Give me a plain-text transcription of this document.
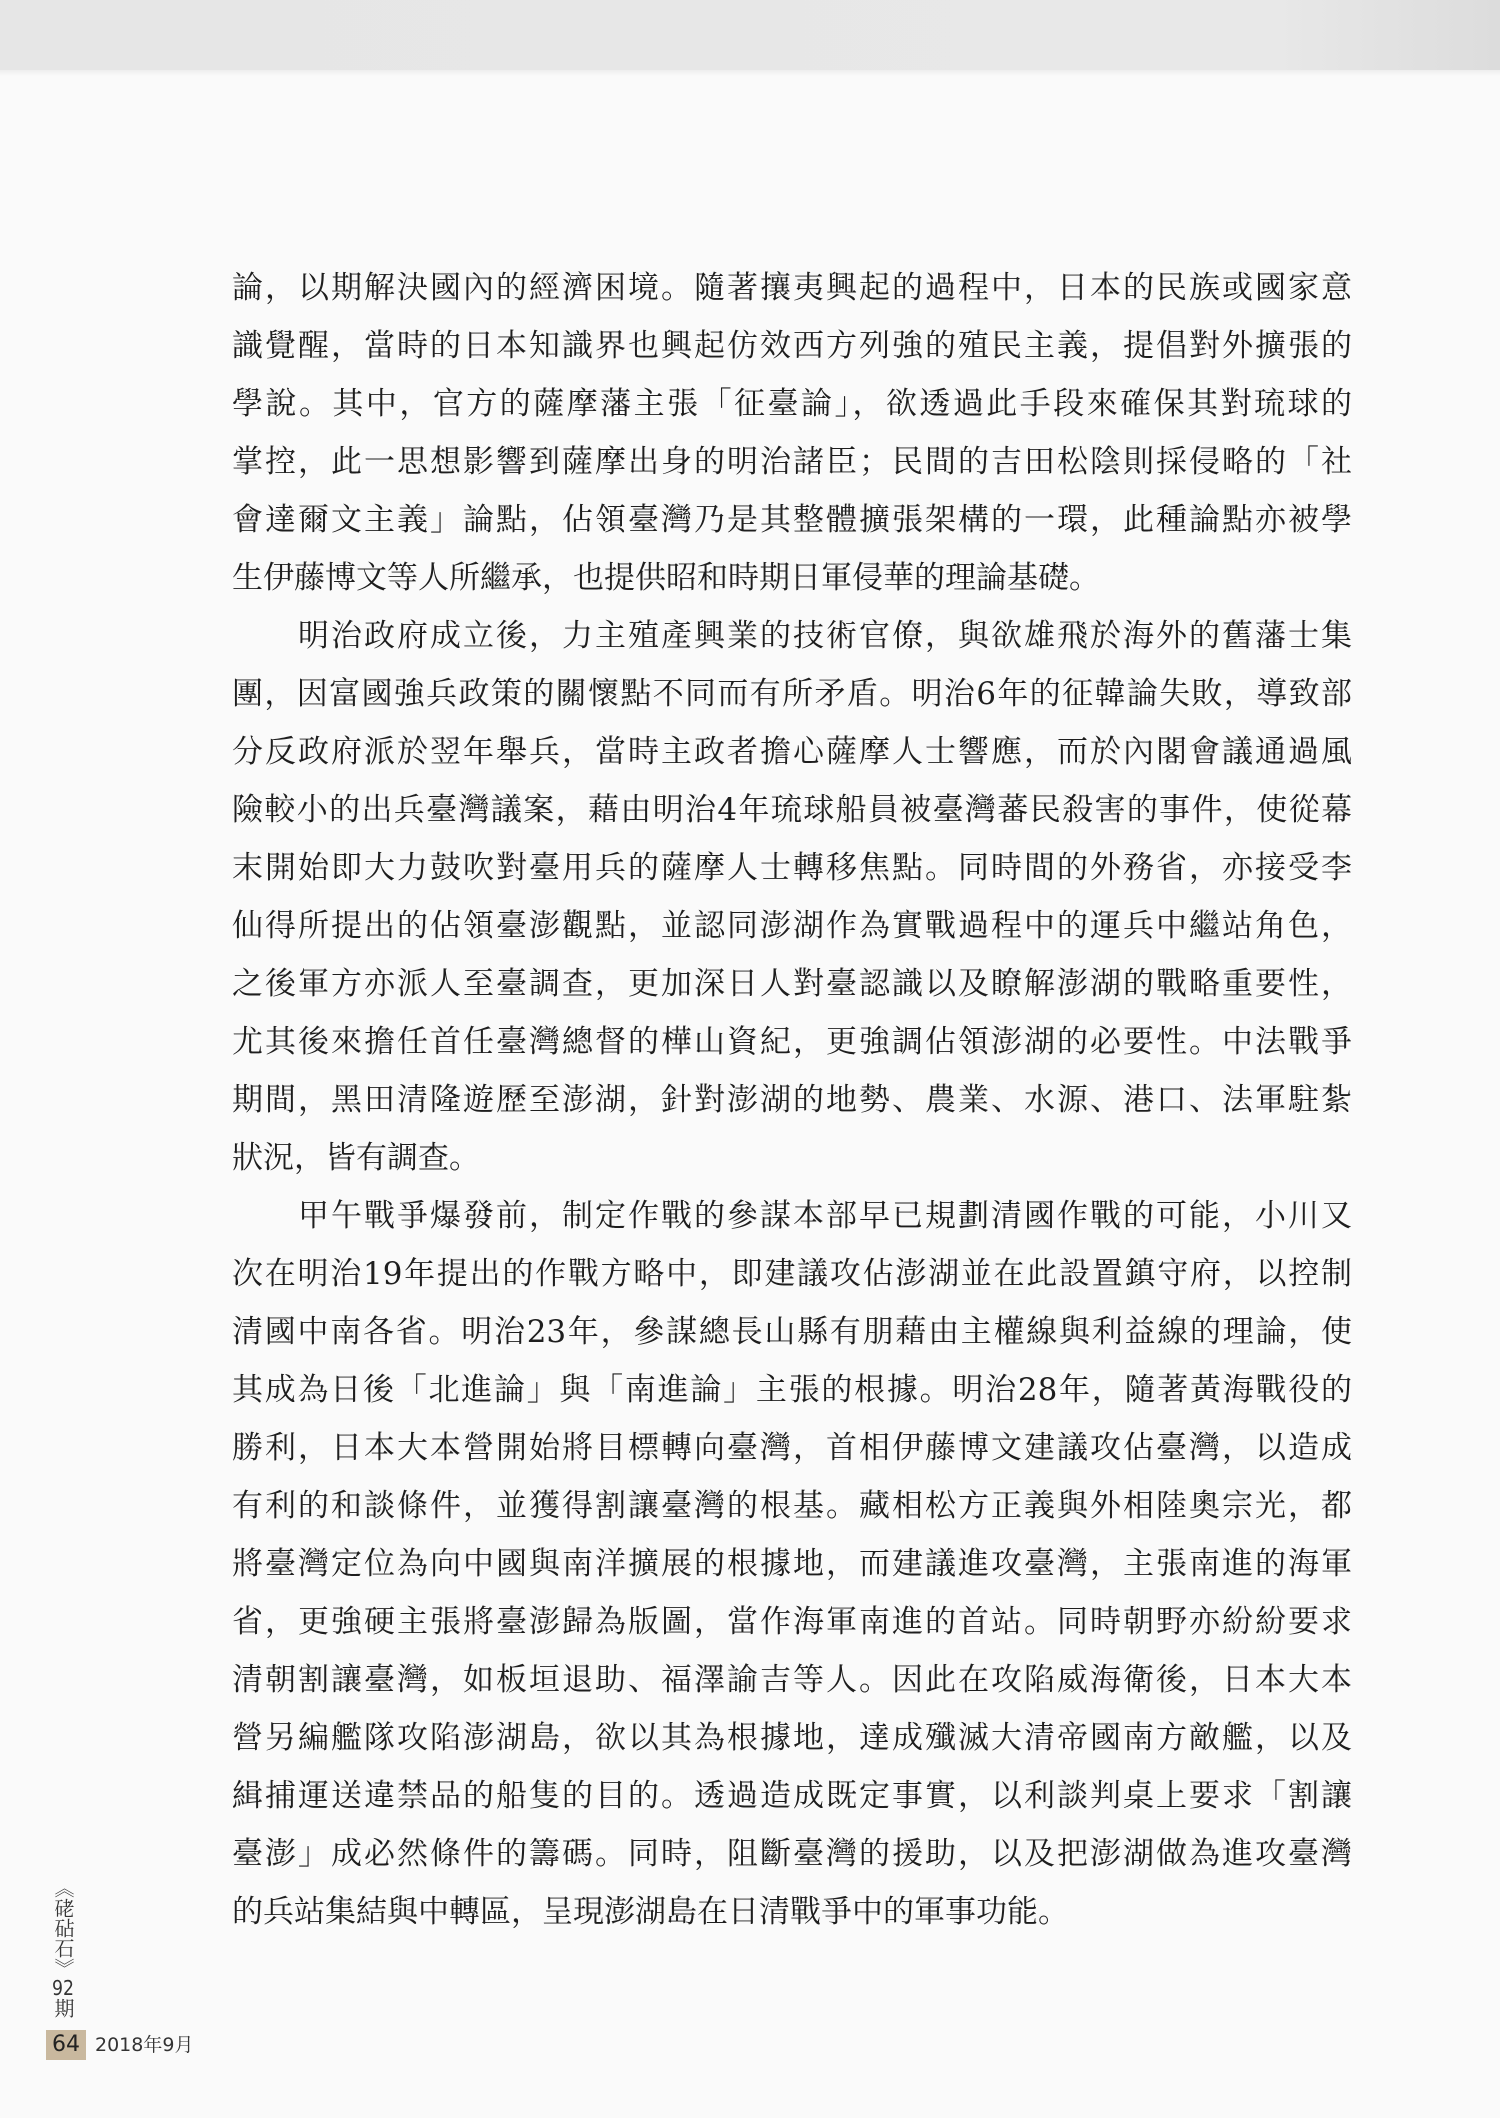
論，以期解決國內的經濟困境。隨著攘夷興起的過程中，日本的民族或國家意
識覺醒，當時的日本知識界也興起仿效西方列強的殖民主義，提倡對外擴張的
學說。其中，官方的薩摩藩主張「征臺論」，欲透過此手段來確保其對琉球的
掌控，此一思想影響到薩摩出身的明治諸臣；民間的吉田松陰則採侵略的「社
會達爾文主義」論點，佔領臺灣乃是其整體擴張架構的一環，此種論點亦被學
生伊藤博文等人所繼承，也提供昭和時期日軍侵華的理論基礎。
明治政府成立後，力主殖產興業的技術官僚，與欲雄飛於海外的舊藩士集
團，因富國強兵政策的關懷點不同而有所矛盾。明治6年的征韓論失敗，導致部
分反政府派於翌年舉兵，當時主政者擔心薩摩人士響應，而於內閣會議通過風
險較小的出兵臺灣議案，藉由明治4年琉球船員被臺灣蕃民殺害的事件，使從幕
末開始即大力鼓吹對臺用兵的薩摩人士轉移焦點。同時間的外務省，亦接受李
仙得所提出的佔領臺澎觀點，並認同澎湖作為實戰過程中的運兵中繼站角色，
之後軍方亦派人至臺調查，更加深日人對臺認識以及瞭解澎湖的戰略重要性，
尤其後來擔任首任臺灣總督的樺山資紀，更強調佔領澎湖的必要性。中法戰爭
期間，黑田清隆遊歷至澎湖，針對澎湖的地勢、農業、水源、港口、法軍駐紮
狀況，皆有調查。
甲午戰爭爆發前，制定作戰的參謀本部早已規劃清國作戰的可能，小川又
次在明治19年提出的作戰方略中，即建議攻佔澎湖並在此設置鎮守府，以控制
清國中南各省。明治23年，參謀總長山縣有朋藉由主權線與利益線的理論，使
其成為日後「北進論」與「南進論」主張的根據。明治28年，隨著黃海戰役的
勝利，日本大本營開始將目標轉向臺灣，首相伊藤博文建議攻佔臺灣，以造成
有利的和談條件，並獲得割讓臺灣的根基。藏相松方正義與外相陸奧宗光，都
將臺灣定位為向中國與南洋擴展的根據地，而建議進攻臺灣，主張南進的海軍
省，更強硬主張將臺澎歸為版圖，當作海軍南進的首站。同時朝野亦紛紛要求
清朝割讓臺灣，如板垣退助、福澤諭吉等人。因此在攻陷威海衛後，日本大本
營另編艦隊攻陷澎湖島，欲以其為根據地，達成殲滅大清帝國南方敵艦，以及
緝捕運送違禁品的船隻的目的。透過造成既定事實，以利談判桌上要求「割讓
臺澎」成必然條件的籌碼。同時，阻斷臺灣的援助，以及把澎湖做為進攻臺灣
的兵站集結與中轉區，呈現澎湖島在日清戰爭中的軍事功能。
《硓砧石》92期
64 2018年9月
